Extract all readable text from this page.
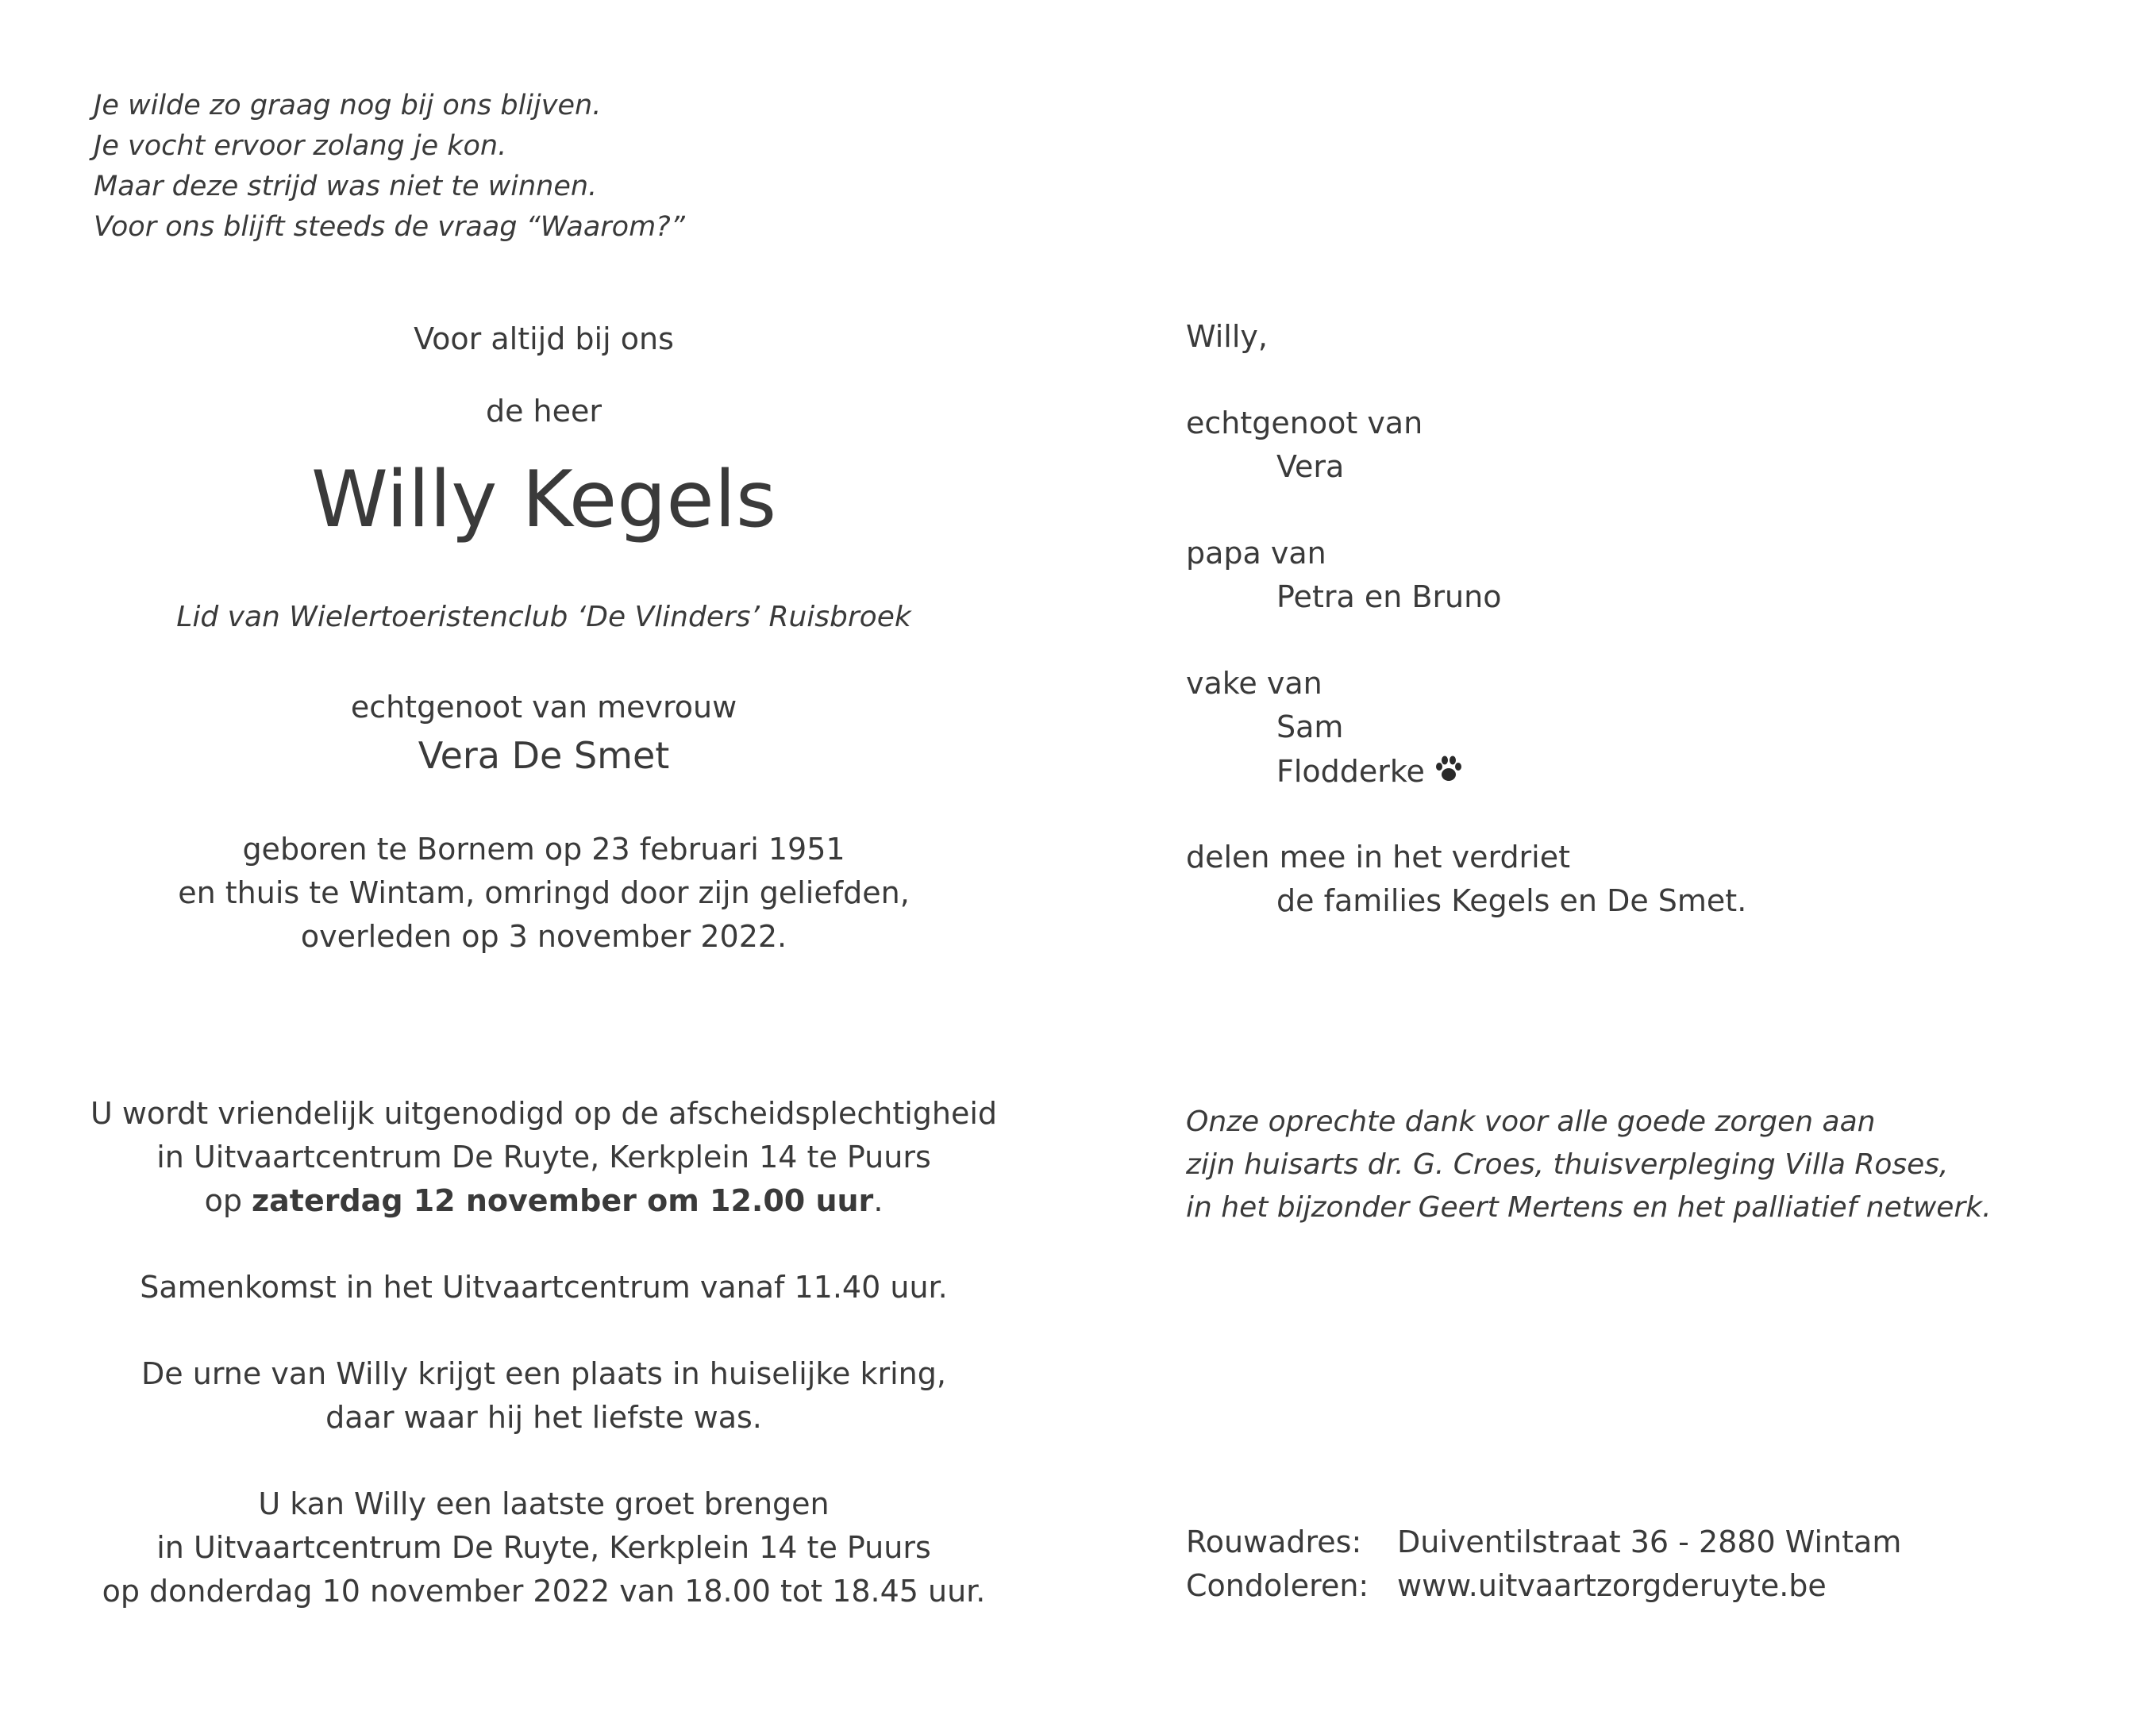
Je wilde zo graag nog bij ons blijven.
Je vocht ervoor zolang je kon.
Maar deze strijd was niet te winnen.
Voor ons blijft steeds de vraag “Waarom?”
Voor altijd bij ons
de heer
Willy Kegels
Lid van Wielertoeristenclub ‘De Vlinders’ Ruisbroek
echtgenoot van mevrouw
Vera De Smet
geboren te Bornem op 23 februari 1951
en thuis te Wintam, omringd door zijn geliefden,
overleden op 3 november 2022.
U wordt vriendelijk uitgenodigd op de afscheidsplechtigheid
in Uitvaartcentrum De Ruyte, Kerkplein 14 te Puurs
op zaterdag 12 november om 12.00 uur.
Samenkomst in het Uitvaartcentrum vanaf 11.40 uur.
De urne van Willy krijgt een plaats in huiselijke kring,
daar waar hij het liefste was.
U kan Willy een laatste groet brengen
in Uitvaartcentrum De Ruyte, Kerkplein 14 te Puurs
op donderdag 10 november 2022 van 18.00 tot 18.45 uur.
Willy,
echtgenoot van
Vera
papa van
Petra en Bruno
vake van
Sam
Flodderke
delen mee in het verdriet
de families Kegels en De Smet.
Onze oprechte dank voor alle goede zorgen aan
zijn huisarts dr. G. Croes, thuisverpleging Villa Roses,
in het bijzonder Geert Mertens en het palliatief netwerk.
Rouwadres: Duiventilstraat 36 - 2880 Wintam
Condoleren: www.uitvaartzorgderuyte.be
